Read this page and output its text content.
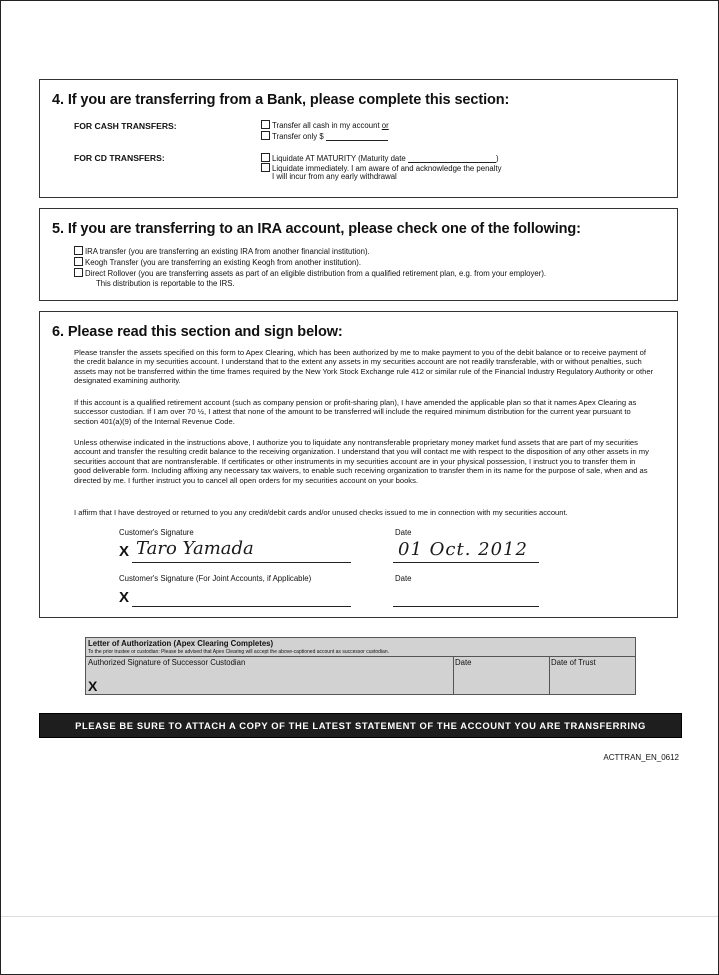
4. If you are transferring from a Bank, please complete this section:
FOR CASH TRANSFERS:	Transfer all cash in my account or
Transfer only $
FOR CD TRANSFERS:	Liquidate AT MATURITY (Maturity date	)
Liquidate immediately. I am aware of and acknowledge the penalty
I will incur from any early withdrawal
5. If you are transferring to an IRA account, please check one of the following:
IRA transfer (you are transferring an existing IRA from another financial institution).
Keogh Transfer (you are transferring an existing Keogh from another institution).
Direct Rollover (you are transferring assets as part of an eligible distribution from a qualified retirement plan, e.g. from your employer).
This distribution is reportable to the IRS.
6. Please read this section and sign below:

Please transfer the assets specified on this form to Apex Clearing, which has been authorized by me to make payment to you of the debit balance or to receive payment of the credit balance in my securities account. I understand that to the extent any assets in my securities account are not readily transferable, with or without penalties, such assets may not be transferred within the time frames required by the New York Stock Exchange rule 412 or similar rule of the Financial Industry Regulatory Authority or other designated examining authority.

If this account is a qualified retirement account (such as company pension or profit-sharing plan), I have amended the applicable plan so that it names Apex Clearing as successor custodian. If I am over 70 ½, I attest that none of the amount to be transferred will include the required minimum distribution for the current year pursuant to section 401(a)(9) of the Internal Revenue Code.

Unless otherwise indicated in the instructions above, I authorize you to liquidate any nontransferable proprietary money market fund assets that are part of my securities account and transfer the resulting credit balance to the receiving organization. I understand that you will contact me with respect to the disposition of any other assets in my securities account that are nontransferable. If certificates or other instruments in my securities account are in your physical possession, I instruct you to transfer them in good deliverable form. Including affixing any necessary tax waivers, to enable such receiving organization to transfer them in its name for the purpose of sale, when and as directed by me. I further instruct you to cancel all open orders for my securities account on your books.

I affirm that I have destroyed or returned to you any credit/debit cards and/or unused checks issued to me in connection with my securities account.

Customer's Signature	Date
X Taro Yamada	01 Oct. 2012
Customer's Signature (For Joint Accounts, if Applicable)	Date
X
Letter of Authorization (Apex Clearing Completes)
To the prior trustee or custodian: Please be advised that Apex Clearing will accept the above-captioned account as successor custodian.
Authorized Signature of Successor Custodian	Date	Date of Trust
X
PLEASE BE SURE TO ATTACH A COPY OF THE LATEST STATEMENT OF THE ACCOUNT YOU ARE TRANSFERRING
ACTTRAN_EN_0612
